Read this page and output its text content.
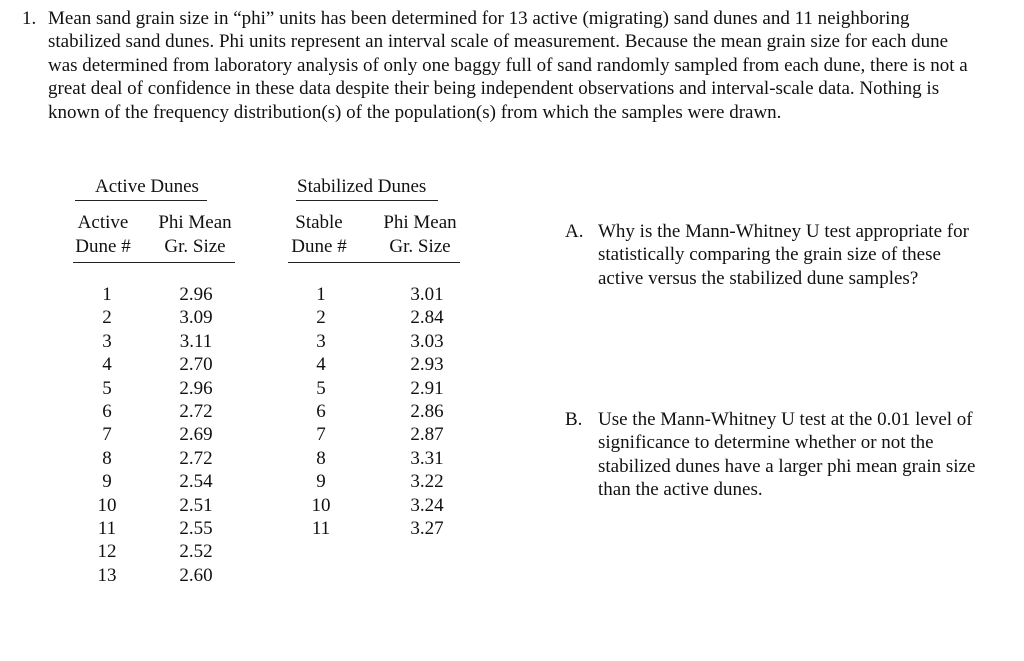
1. Mean sand grain size in “phi” units has been determined for 13 active (migrating) sand dunes and 11 neighboring stabilized sand dunes. Phi units represent an interval scale of measurement. Because the mean grain size for each dune was determined from laboratory analysis of only one baggy full of sand randomly sampled from each dune, there is not a great deal of confidence in these data despite their being independent observations and interval-scale data. Nothing is known of the frequency distribution(s) of the population(s) from which the samples were drawn.

Active Dunes
Active
Dune #
Phi Mean
Gr. Size
1
2
3
4
5
6
7
8
9
10
11
12
13
2.96
3.09
3.11
2.70
2.96
2.72
2.69
2.72
2.54
2.51
2.55
2.52
2.60
Stabilized Dunes
Stable
Dune #
Phi Mean
Gr. Size
1
2
3
4
5
6
7
8
9
10
11
3.01
2.84
3.03
2.93
2.91
2.86
2.87
3.31
3.22
3.24
3.27
A. Why is the Mann-Whitney U test appropriate for statistically comparing the grain size of these active versus the stabilized dune samples?
B. Use the Mann-Whitney U test at the 0.01 level of significance to determine whether or not the stabilized dunes have a larger phi mean grain size than the active dunes.
